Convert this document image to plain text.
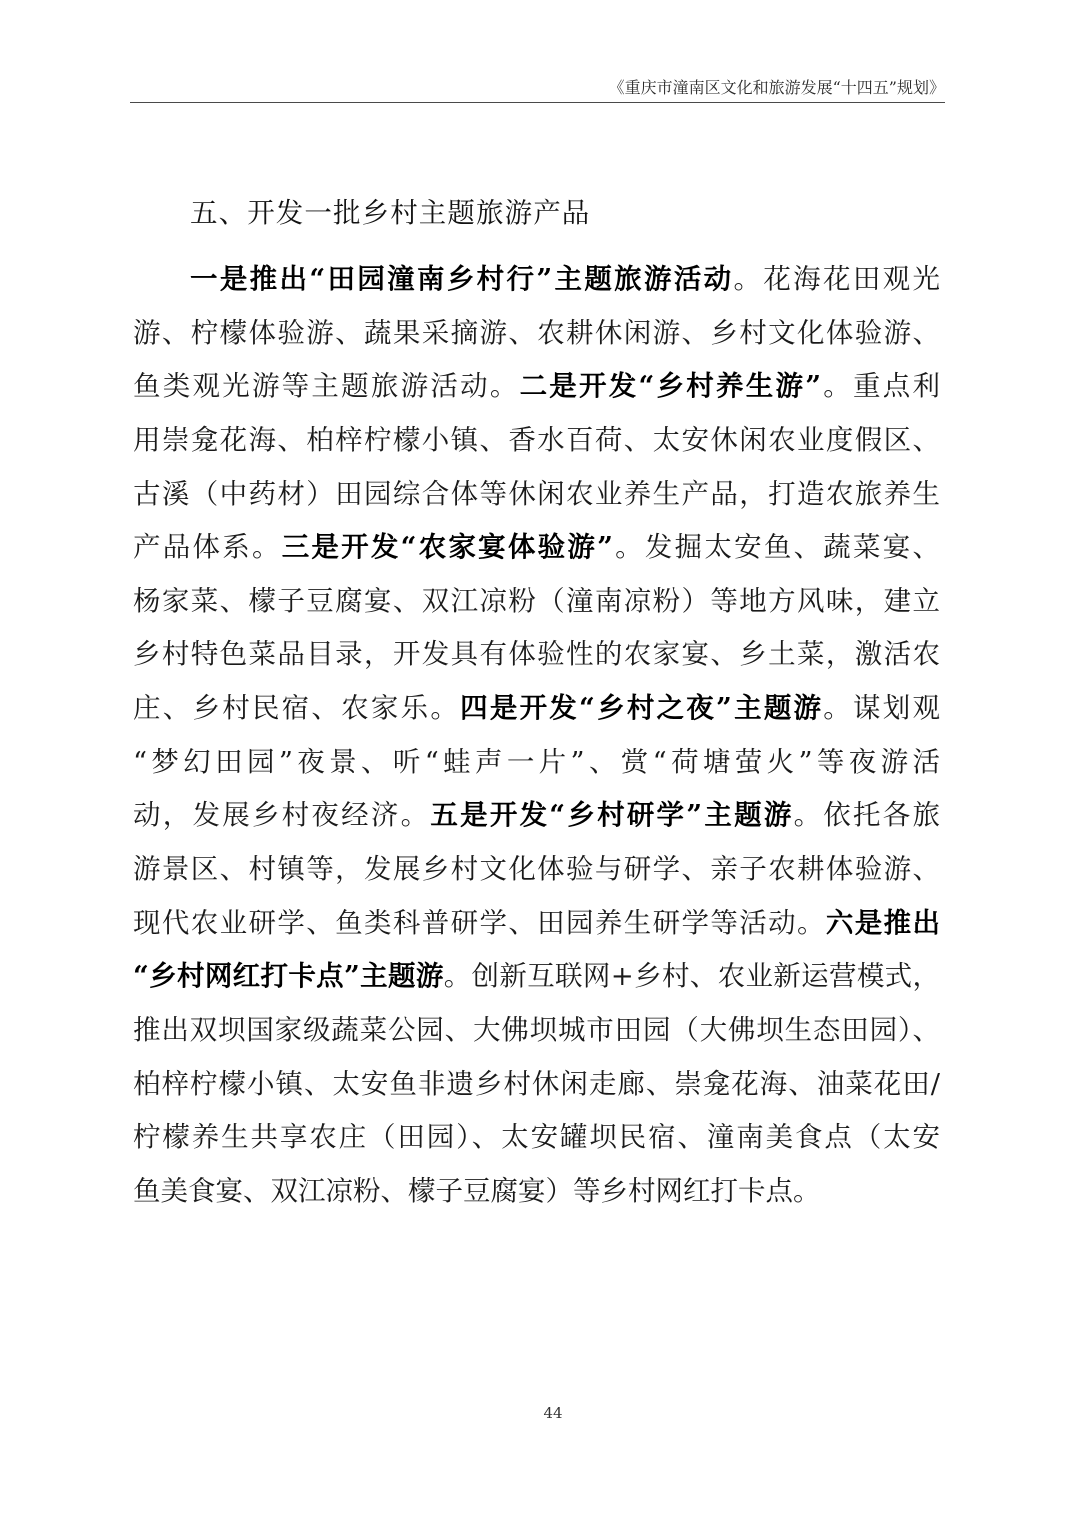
《重庆市潼南区文化和旅游发展“十四五”规划》
五、开发一批乡村主题旅游产品
一是推出“田园潼南乡村行”主题旅游活动。花海花田观光
游、柠檬体验游、蔬果采摘游、农耕休闲游、乡村文化体验游、
鱼类观光游等主题旅游活动。二是开发“乡村养生游”。重点利
用崇龛花海、柏梓柠檬小镇、香水百荷、太安休闲农业度假区、
古溪（中药材）田园综合体等休闲农业养生产品，打造农旅养生
产品体系。三是开发“农家宴体验游”。发掘太安鱼、蔬菜宴、
杨家菜、檬子豆腐宴、双江凉粉（潼南凉粉）等地方风味，建立
乡村特色菜品目录，开发具有体验性的农家宴、乡土菜，激活农
庄、乡村民宿、农家乐。四是开发“乡村之夜”主题游。谋划观
“梦幻田园”夜景、听“蛙声一片”、赏“荷塘萤火”等夜游活
动，发展乡村夜经济。五是开发“乡村研学”主题游。依托各旅
游景区、村镇等，发展乡村文化体验与研学、亲子农耕体验游、
现代农业研学、鱼类科普研学、田园养生研学等活动。六是推出
“乡村网红打卡点”主题游。创新互联网+乡村、农业新运营模式，
推出双坝国家级蔬菜公园、大佛坝城市田园（大佛坝生态田园）、
柏梓柠檬小镇、太安鱼非遗乡村休闲走廊、崇龛花海、油菜花田/
柠檬养生共享农庄（田园）、太安罐坝民宿、潼南美食点（太安
鱼美食宴、双江凉粉、檬子豆腐宴）等乡村网红打卡点。
44
